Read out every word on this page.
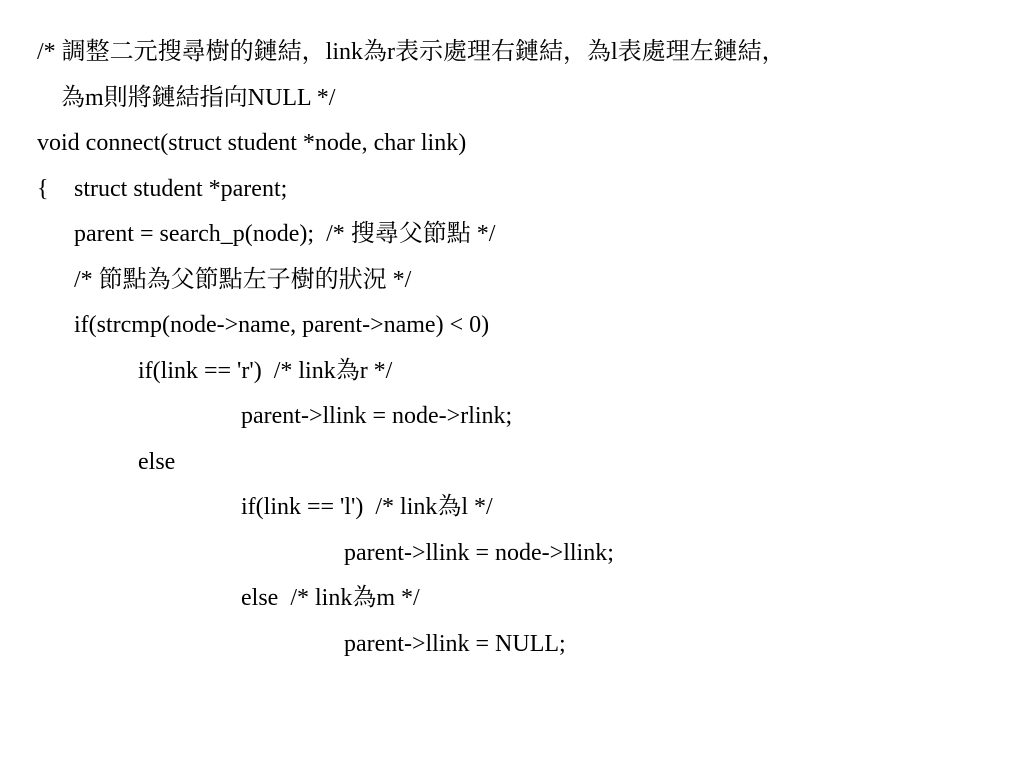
/* 調整二元搜尋樹的鏈結，link為r表示處理右鏈結，為l表處理左鏈結，
為m則將鏈結指向NULL */
void connect(struct student *node, char link)

{

struct student *parent;

parent = search_p(node);  /* 搜尋父節點 */
/* 節點為父節點左子樹的狀況 */
if(strcmp(node->name, parent->name) < 0)
if(link == 'r')  /* link為r */
parent->llink = node->rlink;
else
if(link == 'l')  /* link為l */
parent->llink = node->llink;
else  /* link為m */
parent->llink = NULL;
